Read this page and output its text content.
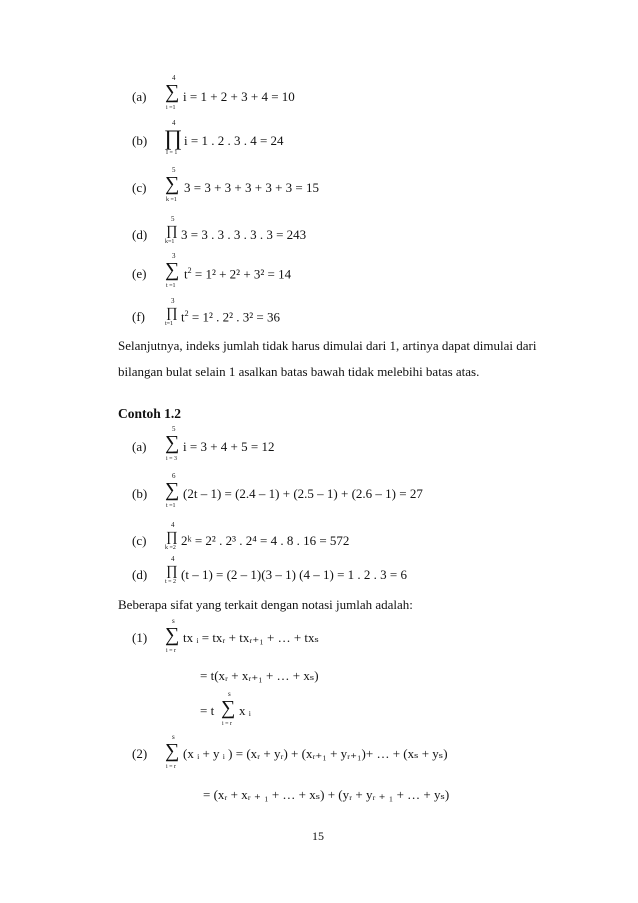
(a)
4
∑
i =1
i = 1 + 2 + 3 + 4 = 10
(b)
4
∏
I = 1
i = 1 . 2 . 3 . 4 = 24
(c)
5
∑
k =1
3 = 3 + 3 + 3 + 3 + 3 = 15
(d)
5
∏
k=1 3 = 3 . 3 . 3 . 3 . 3 = 243
(e)
3
∑
t =1
$t^2 = 1^2 + 2^2 + 3^2 = 14$
(f)
3
∏
t=1 $t^2 = 1^2$ . 2² . 3² = 36
Selanjutnya, indeks jumlah tidak harus dimulai dari 1, artinya dapat dimulai dari
bilangan bulat selain 1 asalkan batas bawah tidak melebihi batas atas.
Contoh 1.2
(a)
5
∑
i = 3
i = 3 + 4 + 5 = 12
(b)
6
∑
t =1
(2t – 1) = (2.4 – 1) + (2.5 – 1) + (2.6 – 1) = 27
(c)
4
∏
k =2 2ᵏ = 2² . 2³ . 2⁴ = 4 . 8 . 16 = 572
(d)
4
∏
t = 2 (t – 1) = (2 – 1)(3 – 1) (4 – 1) = 1 . 2 . 3 = 6
Beberapa sifat yang terkait dengan notasi jumlah adalah:
(1)
s
∑
i = r
tx ᵢ = txᵣ + txᵣ₊₁ + … + txₛ
= t(xᵣ + xᵣ₊₁ + … + xₛ)
= t
s
∑
i = r
x ᵢ
(2)
s
∑
i = r
(x ᵢ + y ᵢ ) = (xᵣ + yᵣ) + (xᵣ₊₁ + yᵣ₊₁)+ … + (xₛ + yₛ)
= (xᵣ + xᵣ ₊ ₁ + … + xₛ) + (yᵣ + yᵣ ₊ ₁ + … + yₛ)
15
